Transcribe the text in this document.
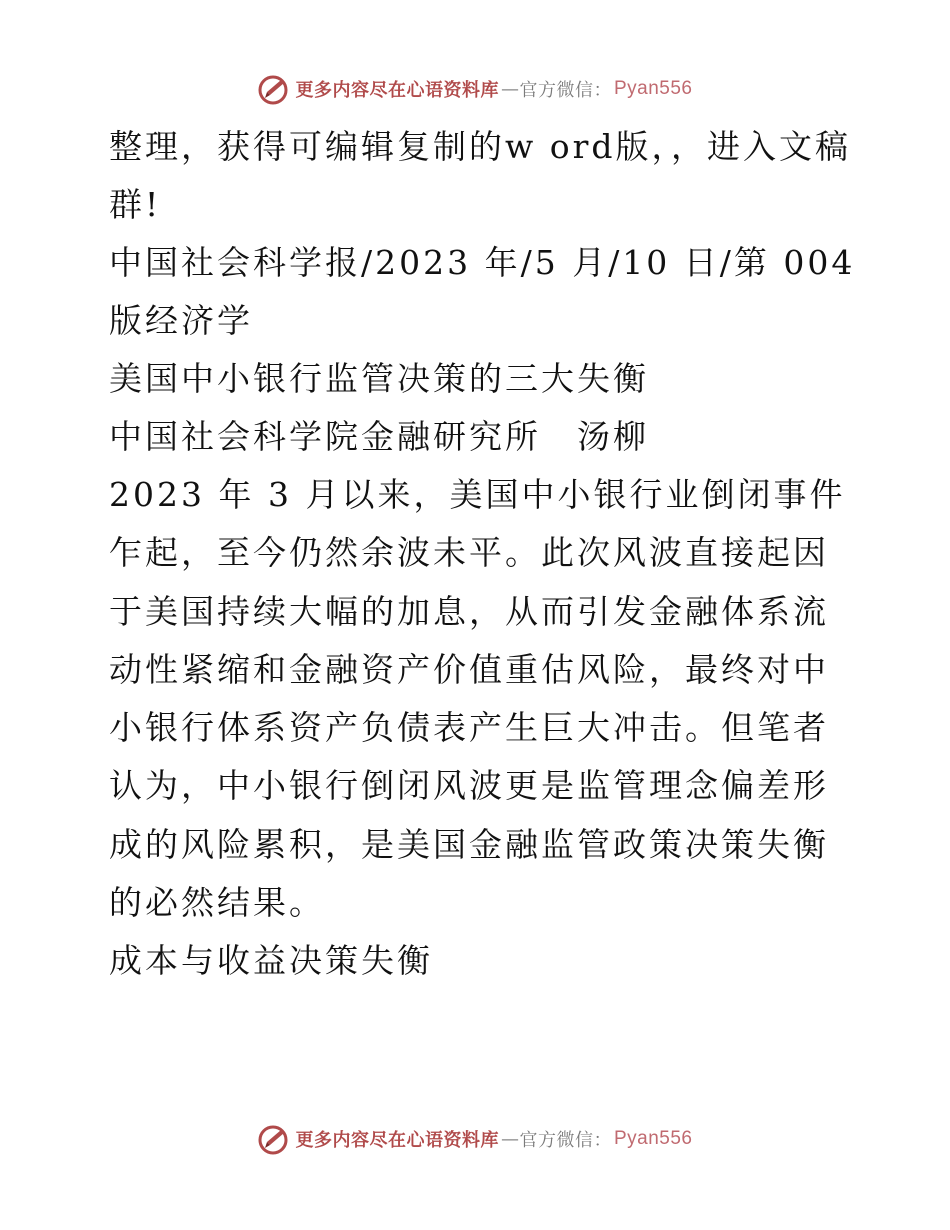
更多内容尽在心语资料库 — 官方微信： Pyan556

整理，获得可编辑复制的w ord版，，进入文稿群!

中国社会科学报/2023 年/5 月/10 日/第 004 版经济学

美国中小银行监管决策的三大失衡

中国社会科学院金融研究所　汤柳

2023 年 3 月以来，美国中小银行业倒闭事件乍起，至今仍然余波未平。此次风波直接起因于美国持续大幅的加息，从而引发金融体系流动性紧缩和金融资产价值重估风险，最终对中小银行体系资产负债表产生巨大冲击。但笔者认为，中小银行倒闭风波更是监管理念偏差形成的风险累积，是美国金融监管政策决策失衡的必然结果。

成本与收益决策失衡

更多内容尽在心语资料库 — 官方微信： Pyan556
